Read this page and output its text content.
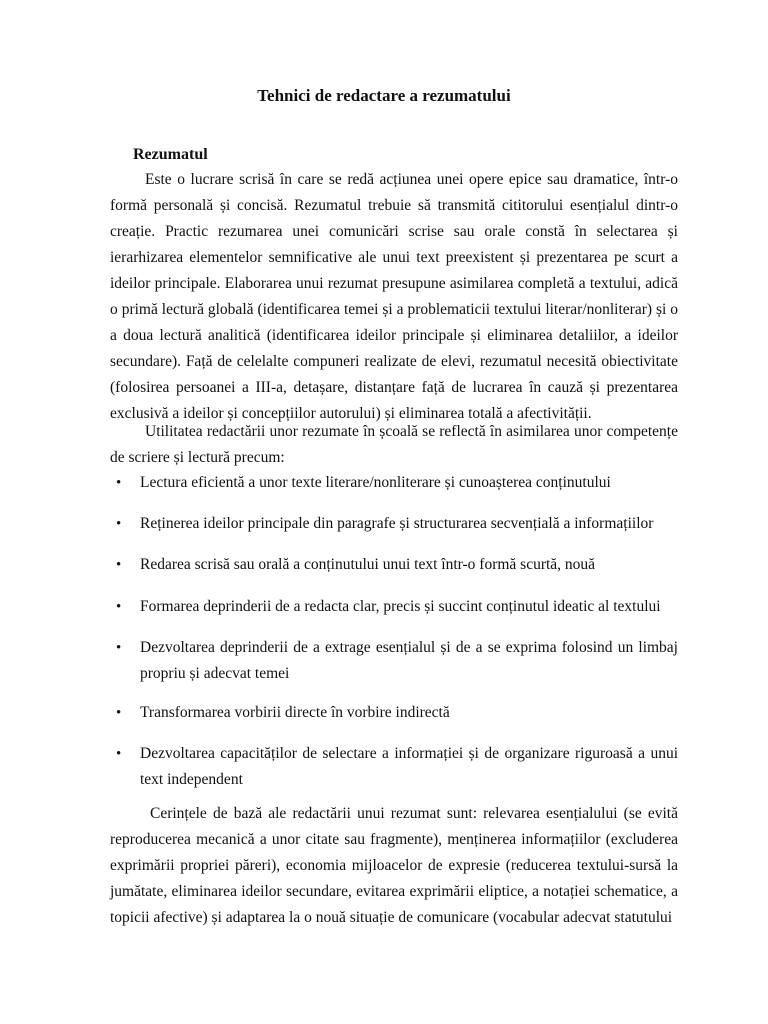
Tehnici de redactare a rezumatului
Rezumatul

Este o lucrare scrisă în care se redă acțiunea unei opere epice sau dramatice, într-o formă personală și concisă. Rezumatul trebuie să transmită cititorului esențialul dintr-o creație. Practic rezumarea unei comunicări scrise sau orale constă în selectarea și ierarhizarea elementelor semnificative ale unui text preexistent și prezentarea pe scurt a ideilor principale. Elaborarea unui rezumat presupune asimilarea completă a textului, adică o primă lectură globală (identificarea temei și a problematicii textului literar/nonliterar) și o a doua lectură analitică (identificarea ideilor principale și eliminarea detaliilor, a ideilor secundare). Față de celelalte compuneri realizate de elevi, rezumatul necesită obiectivitate (folosirea persoanei a III-a, detașare, distanțare față de lucrarea în cauză și prezentarea exclusivă a ideilor și concepțiilor autorului) și eliminarea totală a afectivității.

Utilitatea redactării unor rezumate în școală se reflectă în asimilarea unor competențe de scriere și lectură precum:

• Lectura eficientă a unor texte literare/nonliterare și cunoașterea conținutului
• Reținerea ideilor principale din paragrafe și structurarea secvențială a informațiilor
• Redarea scrisă sau orală a conținutului unui text într-o formă scurtă, nouă
• Formarea deprinderii de a redacta clar, precis și succint conținutul ideatic al textului
• Dezvoltarea deprinderii de a extrage esențialul și de a se exprima folosind un limbaj propriu și adecvat temei
• Transformarea vorbirii directe în vorbire indirectă
• Dezvoltarea capacităților de selectare a informației și de organizare riguroasă a unui text independent

Cerințele de bază ale redactării unui rezumat sunt: relevarea esențialului (se evită reproducerea mecanică a unor citate sau fragmente), menținerea informațiilor (excluderea exprimării propriei păreri), economia mijloacelor de expresie (reducerea textului-sursă la jumătate, eliminarea ideilor secundare, evitarea exprimării eliptice, a notației schematice, a topicii afective) și adaptarea la o nouă situație de comunicare (vocabular adecvat statutului
